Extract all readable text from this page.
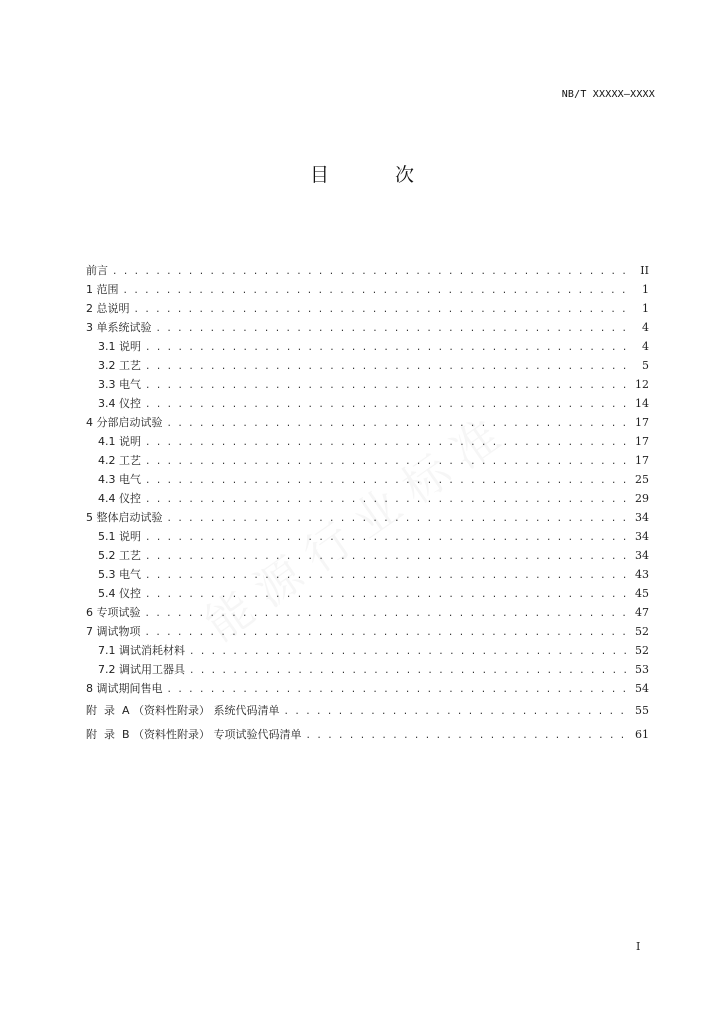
NB/T XXXXX—XXXX
目 次
前言 . . .	II
1 范围 . . .	1
2 总说明 . . .	1
3 单系统试验 . . .	4
3.1 说明 . . .	4
3.2 工艺 . . .	5
3.3 电气 . . .	12
3.4 仪控 . . .	14
4 分部启动试验 . . .	17
4.1 说明 . . .	17
4.2 工艺 . . .	17
4.3 电气 . . .	25
4.4 仪控 . . .	29
5 整体启动试验 . . .	34
5.1 说明 . . .	34
5.2 工艺 . . .	34
5.3 电气 . . .	43
5.4 仪控 . . .	45
6 专项试验 . . .	47
7 调试物项 . . .	52
7.1 调试消耗材料 . . .	52
7.2 调试用工器具 . . .	53
8 调试期间售电 . . .	54
附  录  A （资料性附录） 系统代码清单 . . .	55
附  录  B （资料性附录） 专项试验代码清单 . . .	61
I
